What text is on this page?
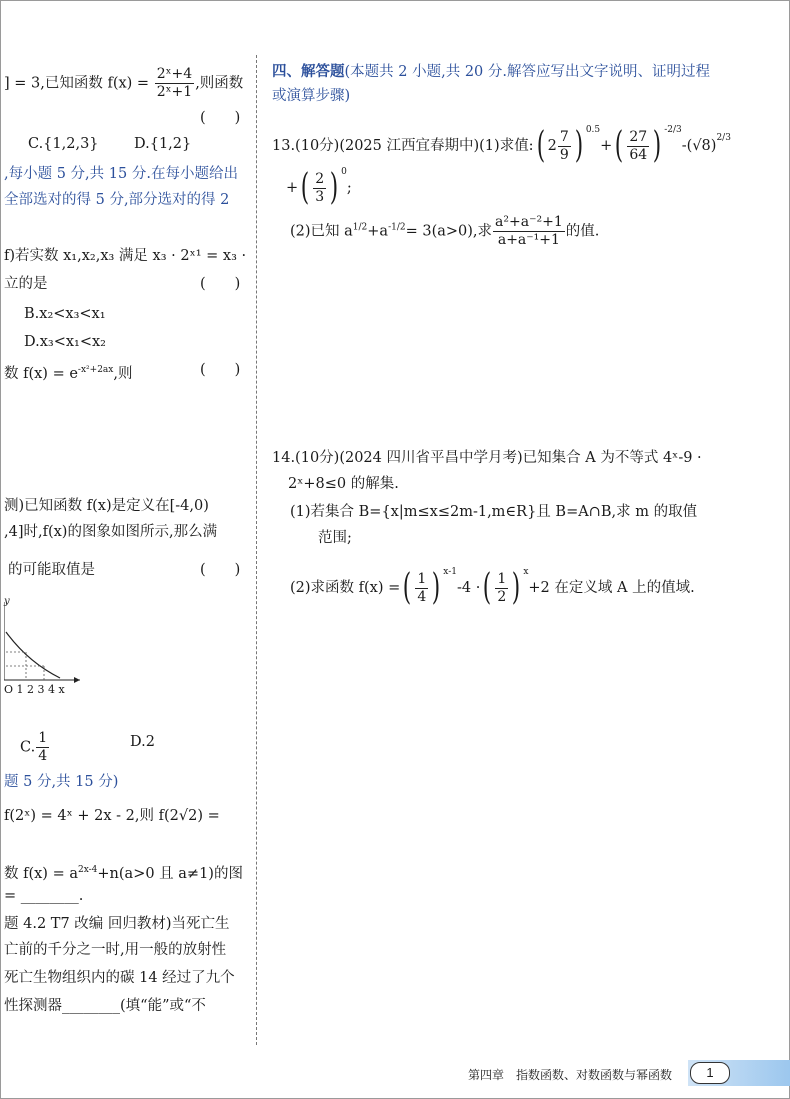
] = 3,已知函数 $f(x) = \frac{\text{2ˣ+4}}{\text{2ˣ+1}}$ ,则函数
(　　)
C.{1,2,3} D.{1,2}
,每小题 5 分,共 15 分.在每小题给出
全部选对的得 5 分,部分选对的得 2
f)若实数 x₁,x₂,x₃ 满足 x₃ · 2ˣ¹ = x₃ ·
立的是	(　　)
B.x₂<x₃<x₁
D.x₃<x₁<x₂
数 $f(x) = e^{-x^2+2ax}$,则	(　　)
测)已知函数 f(x)是定义在[-4,0)
,4]时,f(x)的图象如图所示,那么满
的可能取值是	(　　)
y
O 1 2 3 4 x
C. $\frac{1}{4}$	D.2
题 5 分,共 15 分)
f(2ˣ) = 4ˣ + 2x - 2,则 f(2√2) =
数 $f(x) = a^{2x-4}+n(a>0$ 且 a≠1)的图
= ________.
题 4.2 T7 改编 回归教材)当死亡生
亡前的千分之一时,用一般的放射性
死亡生物组织内的碳 14 经过了九个
性探测器________(填“能”或“不
四、解答题(本题共 2 小题,共 20 分.解答应写出文字说明、证明过程
或演算步骤)
13.(10分)(2025 江西宜春期中)(1)求值:( $2 \frac{7}{9}$ ) $^{0.5}+( \frac{27}{64}$ ) $^{-2/3}-(√8)^{2/3}$
+( $\frac{2}{3}$ ) $^0$;
(2)已知 $a^{1/2}+a^{-1/2}= 3(a>0)$,求 $\frac{\text{a²+a⁻²+1}}{\text{a+a⁻¹+1}}$ 的值.
14.(10分)(2024 四川省平昌中学月考)已知集合 A 为不等式 4ˣ-9 ·
2ˣ+8≤0 的解集.
(1)若集合 B={x|m≤x≤2m-1,m∈R}且 B=A∩B,求 m 的取值
范围;
(2)求函数 f(x) =( $\frac{1}{4}$ ) $^{x-1}$-4 ·( $\frac{1}{2}$ ) $^x$+2 在定义域 A 上的值域.
第四章　指数函数、对数函数与幂函数	1
